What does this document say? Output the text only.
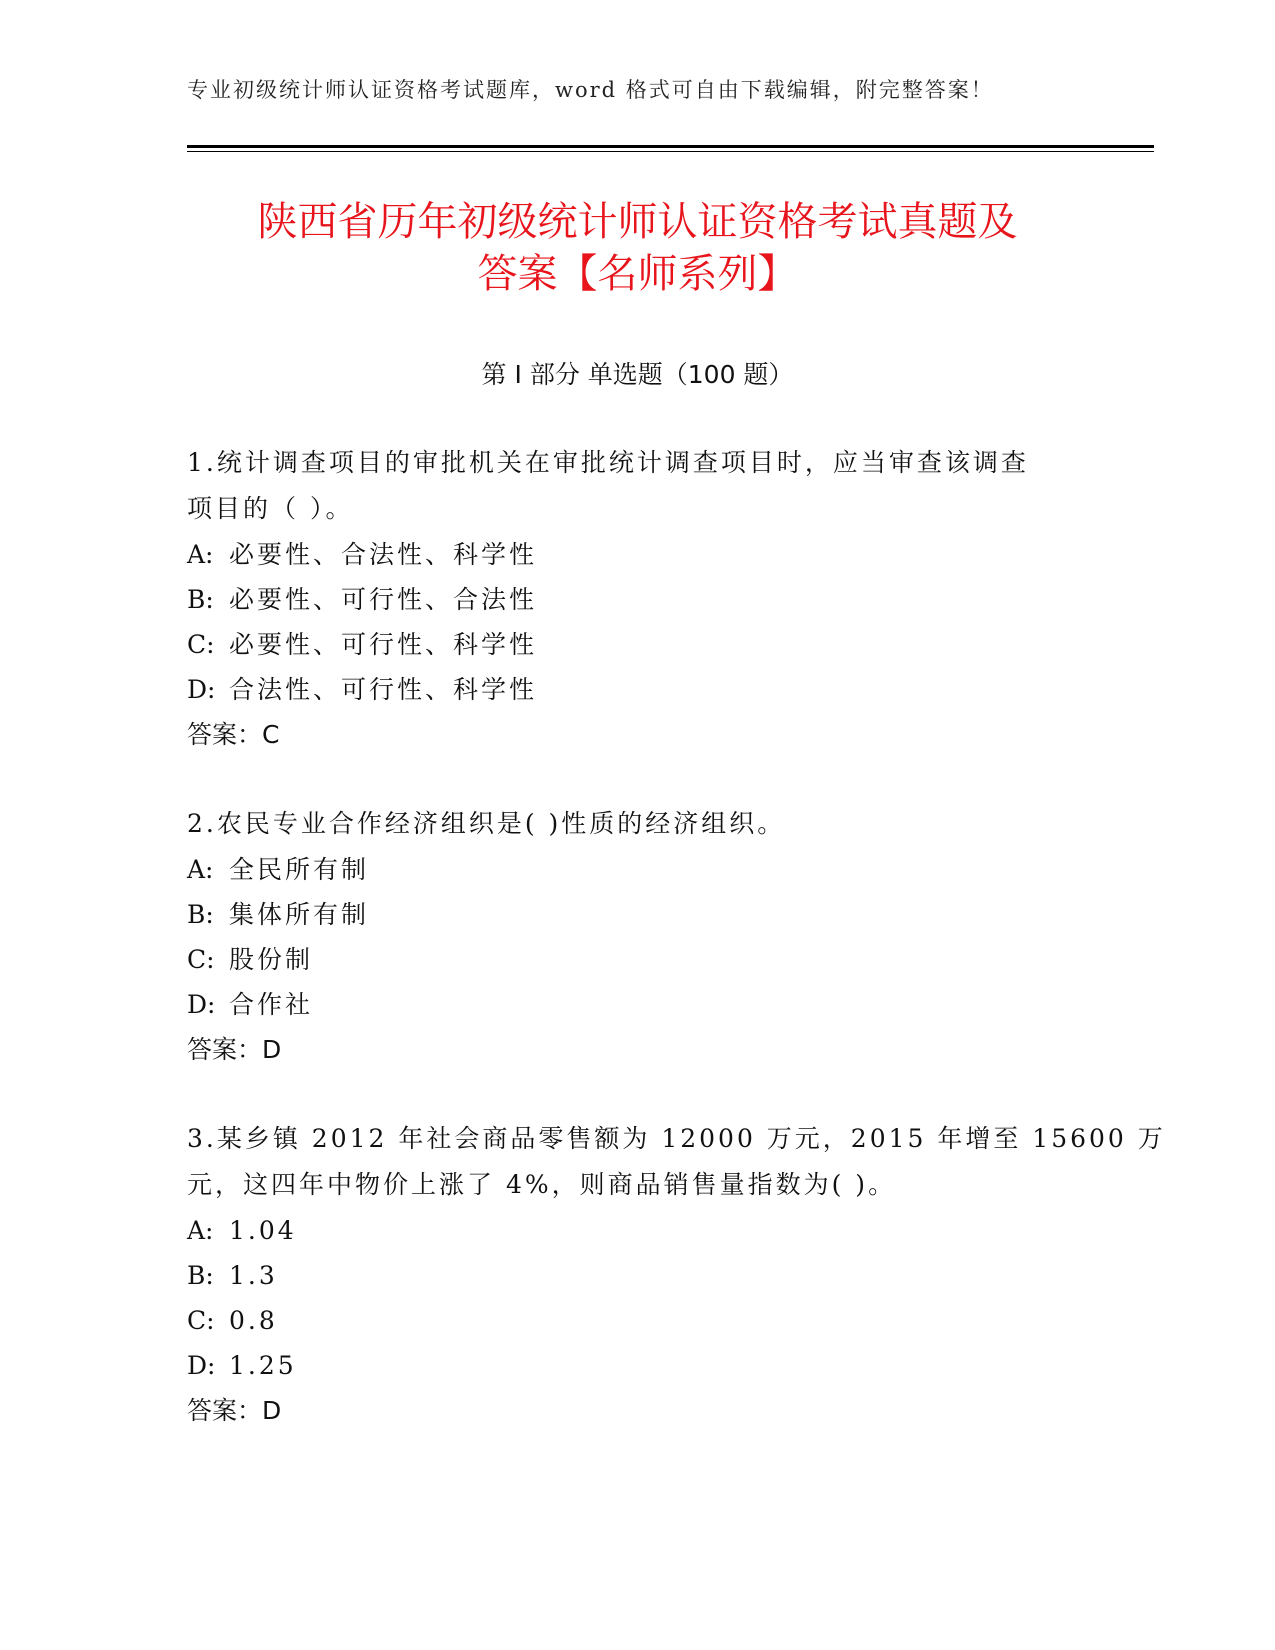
专业初级统计师认证资格考试题库，word 格式可自由下载编辑，附完整答案！
陕西省历年初级统计师认证资格考试真题及
答案【名师系列】
第 I 部分 单选题（100 题）

1.统计调查项目的审批机关在审批统计调查项目时，应当审查该调查
项目的（ ）。

A: 必要性、合法性、科学性
B: 必要性、可行性、合法性
C: 必要性、可行性、科学性
D: 合法性、可行性、科学性
答案：C

2.农民专业合作经济组织是( )性质的经济组织。

A: 全民所有制
B: 集体所有制
C: 股份制
D: 合作社
答案：D

3.某乡镇 2012 年社会商品零售额为 12000 万元，2015 年增至 15600 万
元，这四年中物价上涨了 4%，则商品销售量指数为( )。

A: 1.04
B: 1.3
C: 0.8
D: 1.25
答案：D
